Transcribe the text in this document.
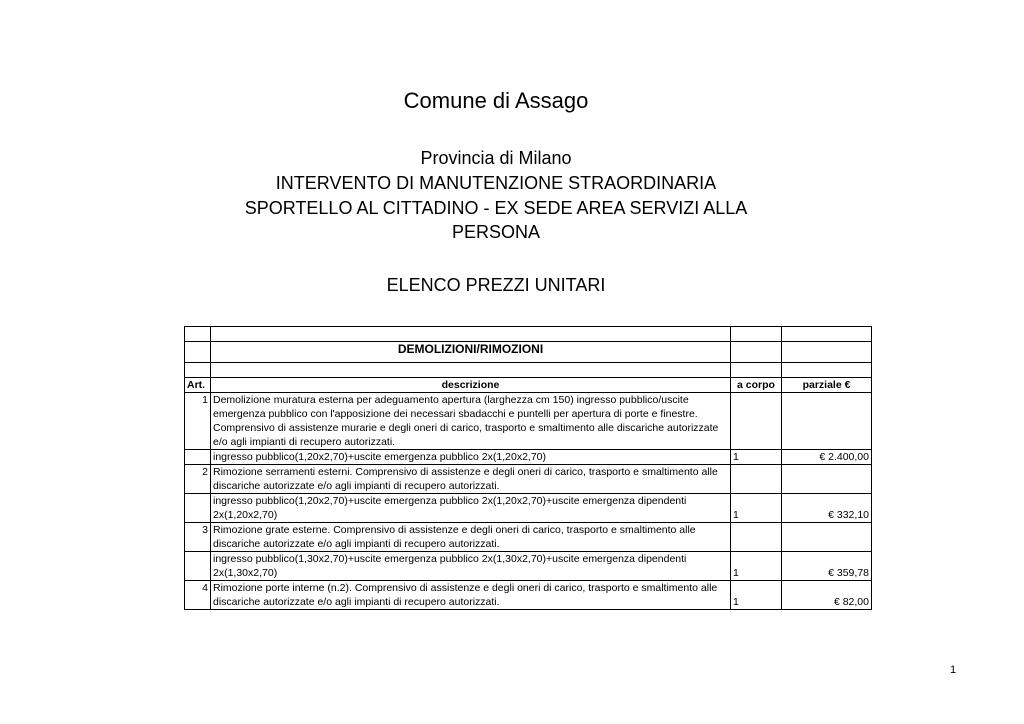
Comune di Assago
Provincia di Milano
INTERVENTO DI MANUTENZIONE STRAORDINARIA
SPORTELLO AL CITTADINO - EX SEDE AREA SERVIZI ALLA
PERSONA
ELENCO PREZZI UNITARI

	DEMOLIZIONI/RIMOZIONI		

Art.	descrizione	a corpo	parziale €
1	Demolizione muratura esterna per adeguamento apertura (larghezza cm 150) ingresso pubblico/uscite emergenza pubblico con l'apposizione dei necessari sbadacchi e puntelli per apertura di porte e finestre. Comprensivo di assistenze murarie e degli oneri di carico, trasporto e smaltimento alle discariche autorizzate e/o agli impianti di recupero autorizzati.		
	ingresso pubblico(1,20x2,70)+uscite emergenza pubblico 2x(1,20x2,70)	1	€ 2.400,00
2	Rimozione serramenti esterni. Comprensivo di assistenze e degli oneri di carico, trasporto e smaltimento alle discariche autorizzate e/o agli impianti di recupero autorizzati.		
	ingresso pubblico(1,20x2,70)+uscite emergenza pubblico 2x(1,20x2,70)+uscite emergenza dipendenti 2x(1,20x2,70)	1	€ 332,10
3	Rimozione grate esterne. Comprensivo di assistenze e degli oneri di carico, trasporto e smaltimento alle discariche autorizzate e/o agli impianti di recupero autorizzati.		
	ingresso pubblico(1,30x2,70)+uscite emergenza pubblico 2x(1,30x2,70)+uscite emergenza dipendenti 2x(1,30x2,70)	1	€ 359,78
4	Rimozione porte interne (n.2). Comprensivo di assistenze e degli oneri di carico, trasporto e smaltimento alle discariche autorizzate e/o agli impianti di recupero autorizzati.	1	€ 82,00
1
